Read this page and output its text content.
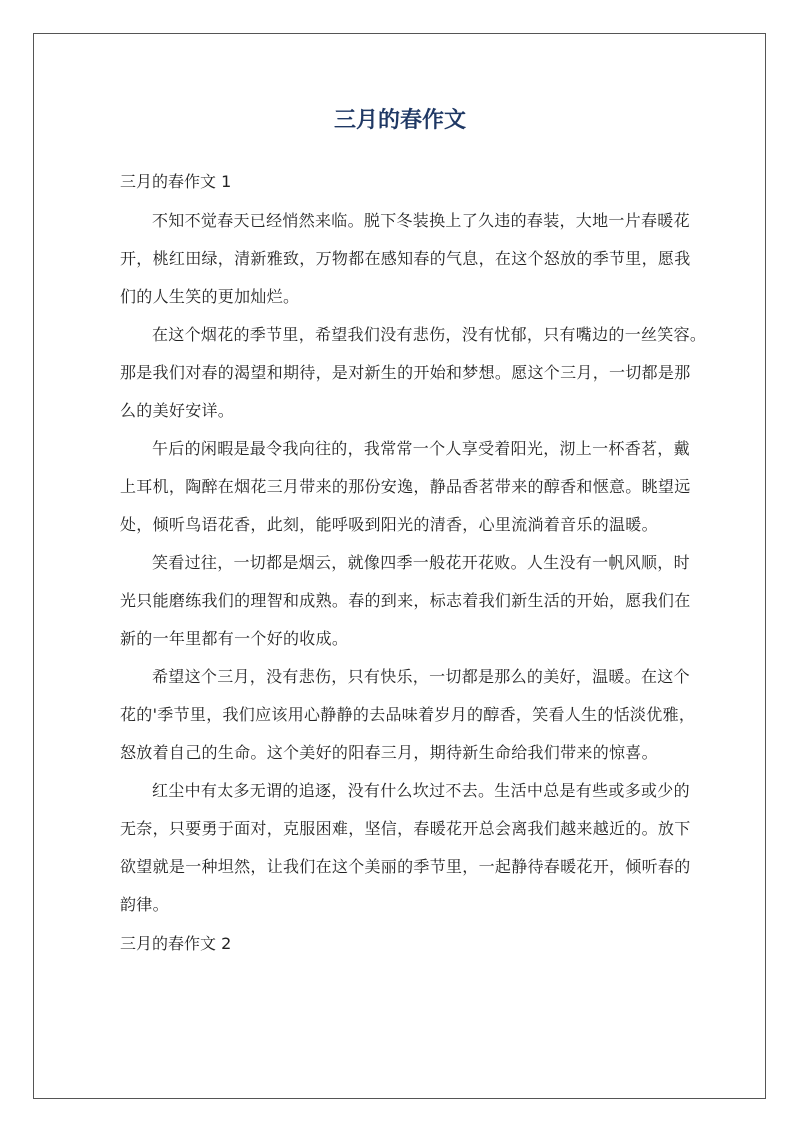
三月的春作文

三月的春作文 1

不知不觉春天已经悄然来临。脱下冬装换上了久违的春装，大地一片春暖花
开，桃红田绿，清新雅致，万物都在感知春的气息，在这个怒放的季节里，愿我
们的人生笑的更加灿烂。
在这个烟花的季节里，希望我们没有悲伤，没有忧郁，只有嘴边的一丝笑容。
那是我们对春的渴望和期待，是对新生的开始和梦想。愿这个三月，一切都是那
么的美好安详。
午后的闲暇是最令我向往的，我常常一个人享受着阳光，沏上一杯香茗，戴
上耳机，陶醉在烟花三月带来的那份安逸，静品香茗带来的醇香和惬意。眺望远
处，倾听鸟语花香，此刻，能呼吸到阳光的清香，心里流淌着音乐的温暖。
笑看过往，一切都是烟云，就像四季一般花开花败。人生没有一帆风顺，时
光只能磨练我们的理智和成熟。春的到来，标志着我们新生活的开始，愿我们在
新的一年里都有一个好的收成。
希望这个三月，没有悲伤，只有快乐，一切都是那么的美好，温暖。在这个
花的'季节里，我们应该用心静静的去品味着岁月的醇香，笑看人生的恬淡优雅，
怒放着自己的生命。这个美好的阳春三月，期待新生命给我们带来的惊喜。
红尘中有太多无谓的追逐，没有什么坎过不去。生活中总是有些或多或少的
无奈，只要勇于面对，克服困难，坚信，春暖花开总会离我们越来越近的。放下
欲望就是一种坦然，让我们在这个美丽的季节里，一起静待春暖花开，倾听春的
韵律。

三月的春作文 2
